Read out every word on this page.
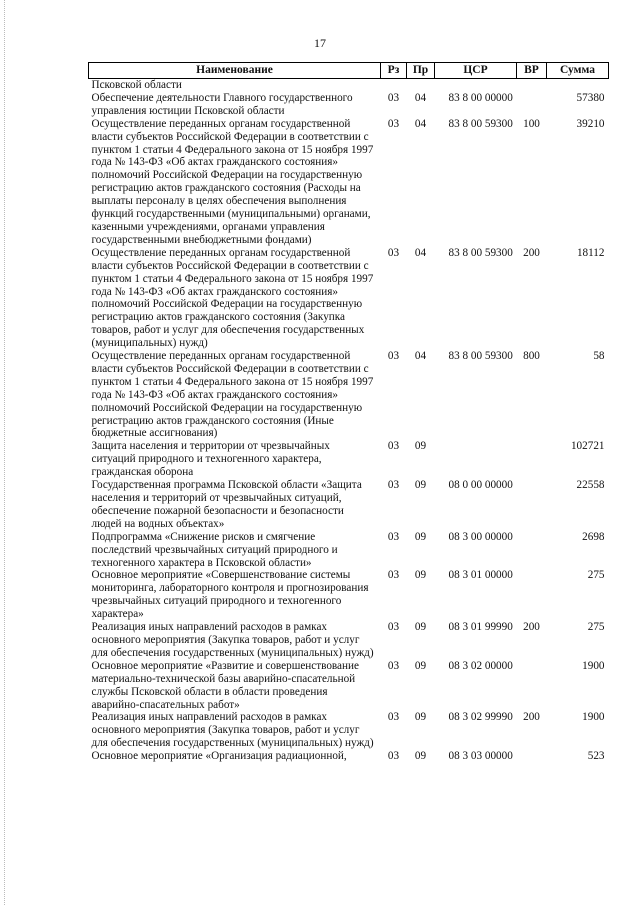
17
Наименование	Рз	Пр	ЦСР	ВР	Сумма
Псковской области					
Обеспечение деятельности Главного государственного управления юстиции Псковской области	03	04	83 8 00 00000		57380
Осуществление переданных органам государственной власти субъектов Российской Федерации в соответствии с пунктом 1 статьи 4 Федерального закона от 15 ноября 1997 года № 143-ФЗ «Об актах гражданского состояния» полномочий Российской Федерации на государственную регистрацию актов гражданского состояния (Расходы на выплаты персоналу в целях обеспечения выполнения функций государственными (муниципальными) органами, казенными учреждениями, органами управления государственными внебюджетными фондами)	03	04	83 8 00 59300	100	39210
Осуществление переданных органам государственной власти субъектов Российской Федерации в соответствии с пунктом 1 статьи 4 Федерального закона от 15 ноября 1997 года № 143-ФЗ «Об актах гражданского состояния» полномочий Российской Федерации на государственную регистрацию актов гражданского состояния (Закупка товаров, работ и услуг для обеспечения государственных (муниципальных) нужд)	03	04	83 8 00 59300	200	18112
Осуществление переданных органам государственной власти субъектов Российской Федерации в соответствии с пунктом 1 статьи 4 Федерального закона от 15 ноября 1997 года № 143-ФЗ «Об актах гражданского состояния» полномочий Российской Федерации на государственную регистрацию актов гражданского состояния (Иные бюджетные ассигнования)	03	04	83 8 00 59300	800	58
Защита населения и территории от чрезвычайных ситуаций природного и техногенного характера, гражданская оборона	03	09			102721
Государственная программа Псковской области «Защита населения и территорий от чрезвычайных ситуаций, обеспечение пожарной безопасности и безопасности людей на водных объектах»	03	09	08 0 00 00000		22558
Подпрограмма «Снижение рисков и смягчение последствий чрезвычайных ситуаций природного и техногенного характера в Псковской области»	03	09	08 3 00 00000		2698
Основное мероприятие «Совершенствование системы мониторинга, лабораторного контроля и прогнозирования чрезвычайных ситуаций природного и техногенного характера»	03	09	08 3 01 00000		275
Реализация иных направлений расходов в рамках основного мероприятия (Закупка товаров, работ и услуг для обеспечения государственных (муниципальных) нужд)	03	09	08 3 01 99990	200	275
Основное мероприятие «Развитие и совершенствование материально-технической базы аварийно-спасательной службы Псковской области в области проведения аварийно-спасательных работ»	03	09	08 3 02 00000		1900
Реализация иных направлений расходов в рамках основного мероприятия (Закупка товаров, работ и услуг для обеспечения государственных (муниципальных) нужд)	03	09	08 3 02 99990	200	1900
Основное мероприятие «Организация радиационной,	03	09	08 3 03 00000		523
